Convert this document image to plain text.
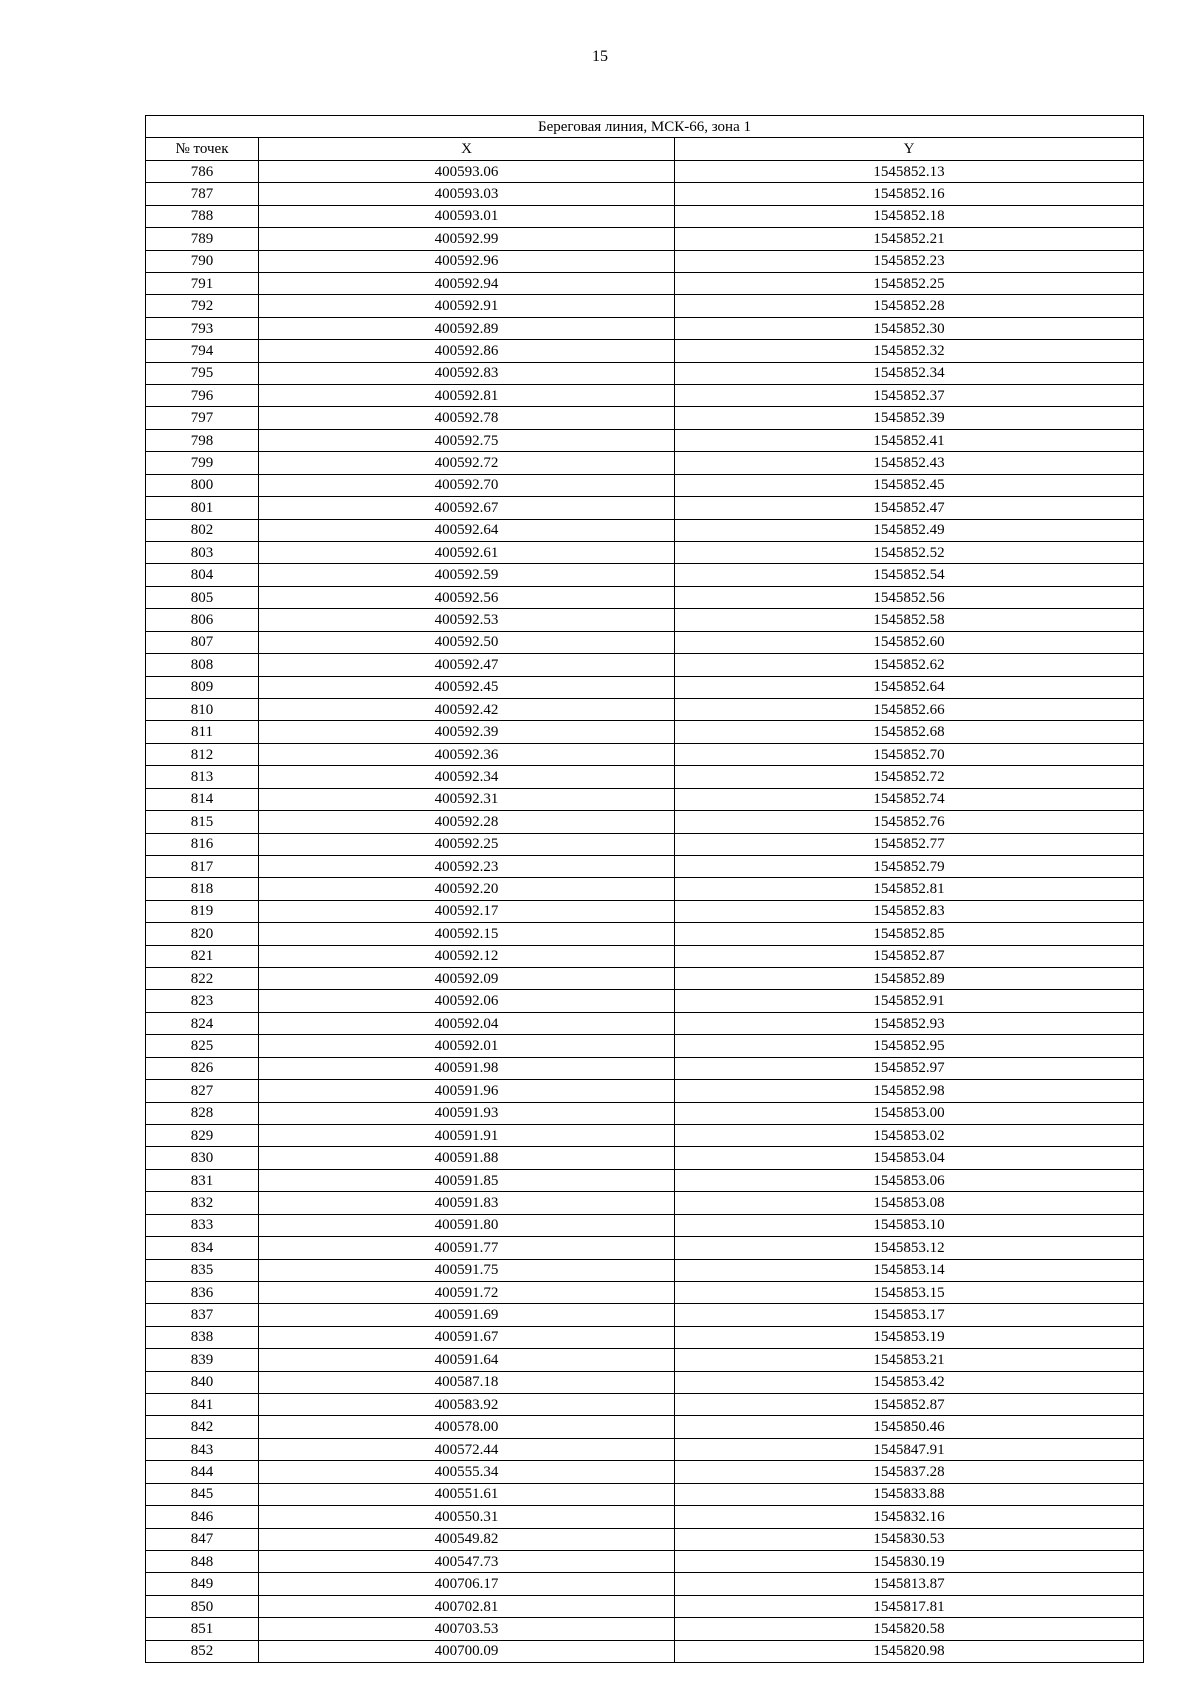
15
Береговая линия, МСК-66, зона 1		
№ точек	X	Y
786	400593.06	1545852.13
787	400593.03	1545852.16
788	400593.01	1545852.18
789	400592.99	1545852.21
790	400592.96	1545852.23
791	400592.94	1545852.25
792	400592.91	1545852.28
793	400592.89	1545852.30
794	400592.86	1545852.32
795	400592.83	1545852.34
796	400592.81	1545852.37
797	400592.78	1545852.39
798	400592.75	1545852.41
799	400592.72	1545852.43
800	400592.70	1545852.45
801	400592.67	1545852.47
802	400592.64	1545852.49
803	400592.61	1545852.52
804	400592.59	1545852.54
805	400592.56	1545852.56
806	400592.53	1545852.58
807	400592.50	1545852.60
808	400592.47	1545852.62
809	400592.45	1545852.64
810	400592.42	1545852.66
811	400592.39	1545852.68
812	400592.36	1545852.70
813	400592.34	1545852.72
814	400592.31	1545852.74
815	400592.28	1545852.76
816	400592.25	1545852.77
817	400592.23	1545852.79
818	400592.20	1545852.81
819	400592.17	1545852.83
820	400592.15	1545852.85
821	400592.12	1545852.87
822	400592.09	1545852.89
823	400592.06	1545852.91
824	400592.04	1545852.93
825	400592.01	1545852.95
826	400591.98	1545852.97
827	400591.96	1545852.98
828	400591.93	1545853.00
829	400591.91	1545853.02
830	400591.88	1545853.04
831	400591.85	1545853.06
832	400591.83	1545853.08
833	400591.80	1545853.10
834	400591.77	1545853.12
835	400591.75	1545853.14
836	400591.72	1545853.15
837	400591.69	1545853.17
838	400591.67	1545853.19
839	400591.64	1545853.21
840	400587.18	1545853.42
841	400583.92	1545852.87
842	400578.00	1545850.46
843	400572.44	1545847.91
844	400555.34	1545837.28
845	400551.61	1545833.88
846	400550.31	1545832.16
847	400549.82	1545830.53
848	400547.73	1545830.19
849	400706.17	1545813.87
850	400702.81	1545817.81
851	400703.53	1545820.58
852	400700.09	1545820.98
